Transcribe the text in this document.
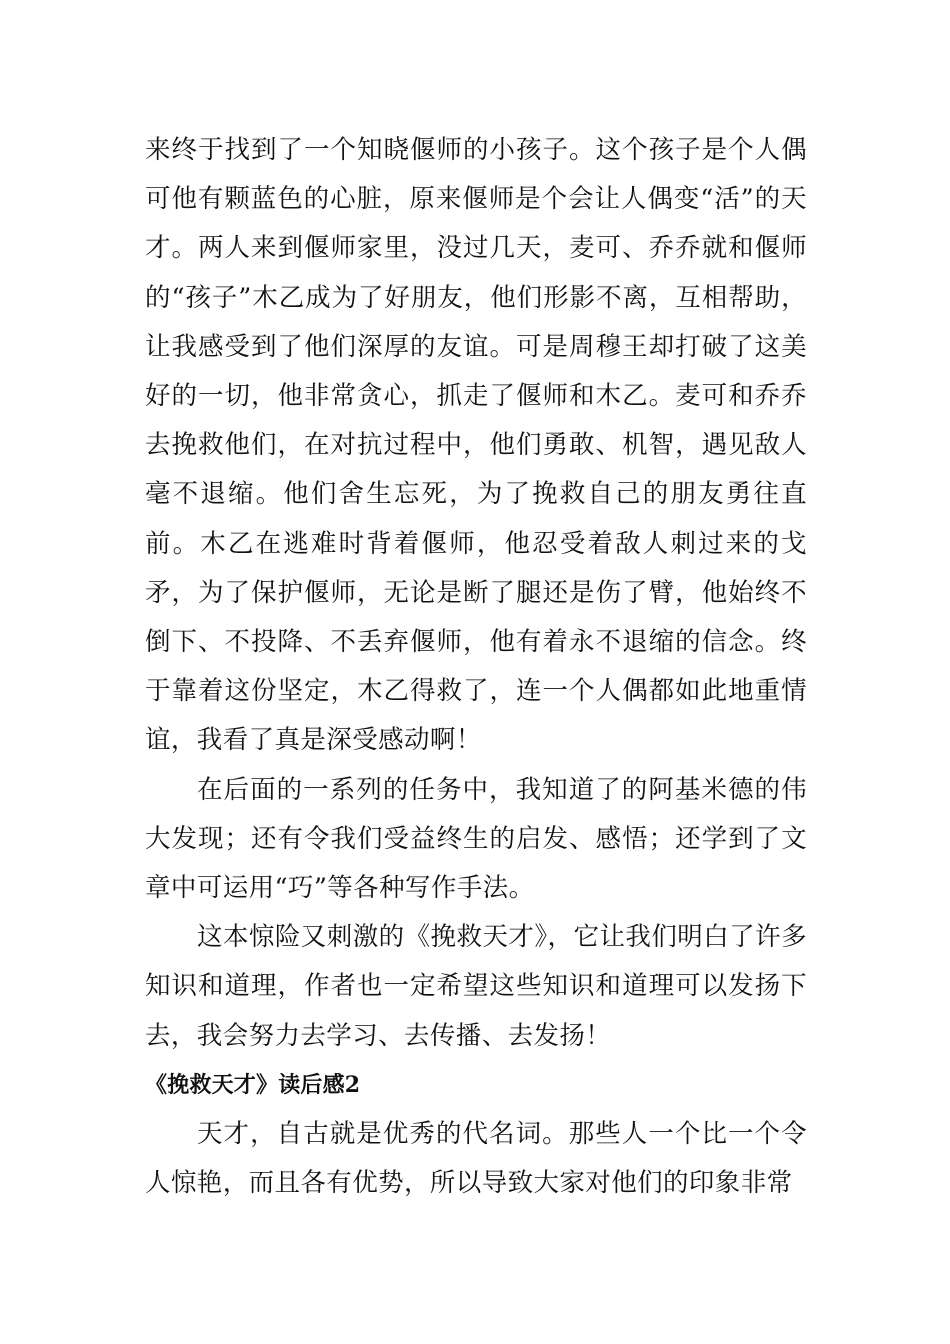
来终于找到了一个知晓偃师的小孩子。这个孩子是个人偶可他有颗蓝色的心脏，原来偃师是个会让人偶变“活”的天才。两人来到偃师家里，没过几天，麦可、乔乔就和偃师的“孩子”木乙成为了好朋友，他们形影不离，互相帮助，让我感受到了他们深厚的友谊。可是周穆王却打破了这美好的一切，他非常贪心，抓走了偃师和木乙。麦可和乔乔去挽救他们，在对抗过程中，他们勇敢、机智，遇见敌人毫不退缩。他们舍生忘死，为了挽救自己的朋友勇往直前。木乙在逃难时背着偃师，他忍受着敌人刺过来的戈矛，为了保护偃师，无论是断了腿还是伤了臂，他始终不倒下、不投降、不丢弃偃师，他有着永不退缩的信念。终于靠着这份坚定，木乙得救了，连一个人偶都如此地重情谊，我看了真是深受感动啊！

在后面的一系列的任务中，我知道了的阿基米德的伟大发现；还有令我们受益终生的启发、感悟；还学到了文章中可运用“巧”等各种写作手法。

这本惊险又刺激的《挽救天才》，它让我们明白了许多知识和道理，作者也一定希望这些知识和道理可以发扬下去，我会努力去学习、去传播、去发扬！

《挽救天才》读后感2

天才，自古就是优秀的代名词。那些人一个比一个令人惊艳，而且各有优势，所以导致大家对他们的印象非常
